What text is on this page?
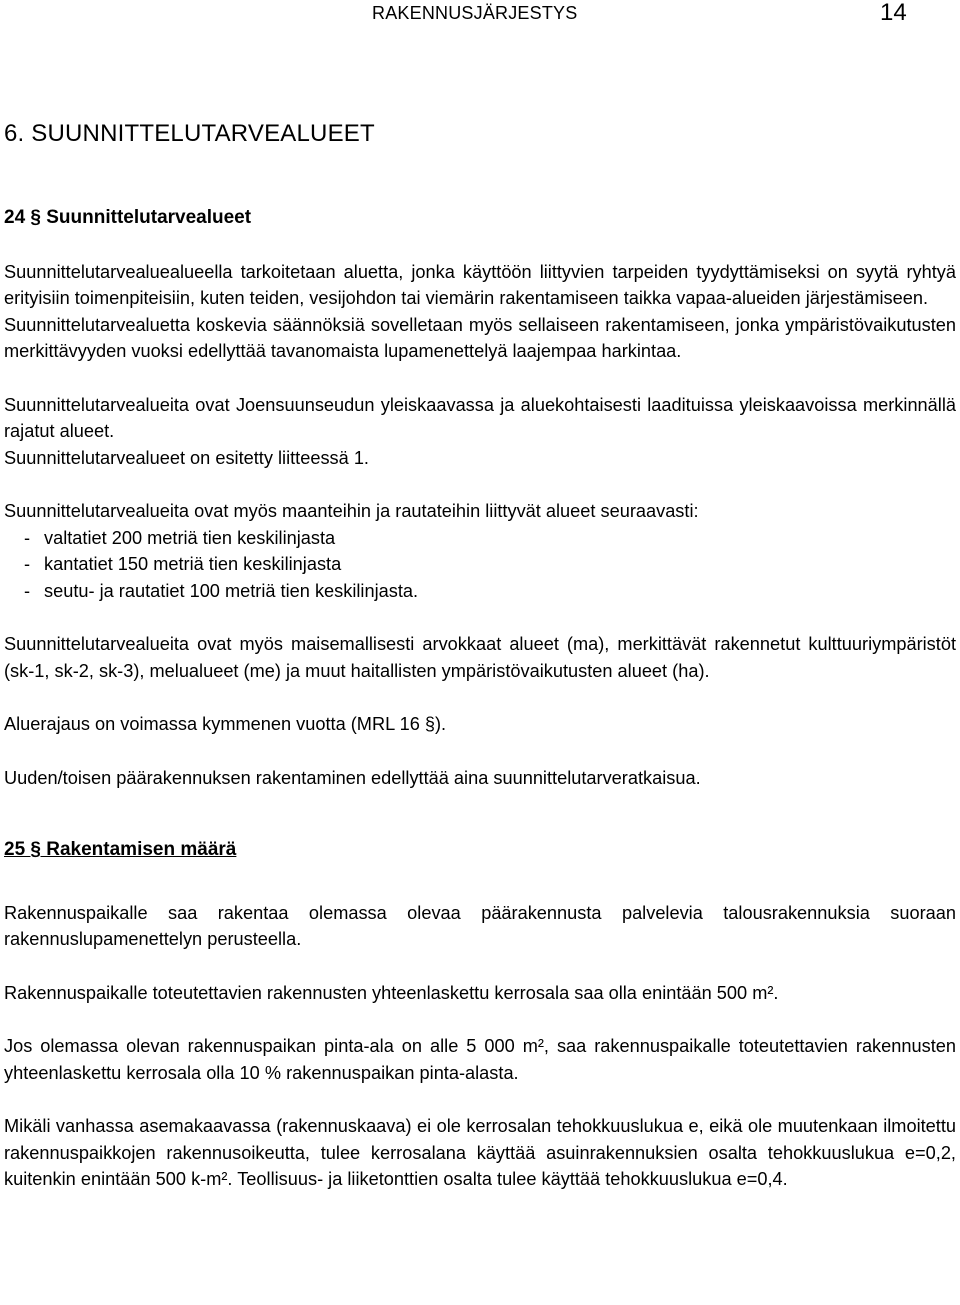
RAKENNUSJÄRJESTYS	14
6. SUUNNITTELUTARVEALUEET
24 § Suunnittelutarvealueet

Suunnittelutarvealuealueella tarkoitetaan aluetta, jonka käyttöön liittyvien tarpeiden tyydyttämiseksi on syytä ryhtyä erityisiin toimenpiteisiin, kuten teiden, vesijohdon tai viemärin rakentamiseen taikka vapaa-alueiden järjestämiseen.

Suunnittelutarvealuetta koskevia säännöksiä sovelletaan myös sellaiseen rakentamiseen, jonka ympäristövaikutusten merkittävyyden vuoksi edellyttää tavanomaista lupamenettelyä laajempaa harkintaa.

Suunnittelutarvealueita ovat Joensuunseudun yleiskaavassa ja aluekohtaisesti laadituissa yleiskaavoissa merkinnällä rajatut alueet.

Suunnittelutarvealueet on esitetty liitteessä 1.

Suunnittelutarvealueita ovat myös maanteihin ja rautateihin liittyvät alueet seuraavasti:

- valtatiet 200 metriä tien keskilinjasta
- kantatiet 150 metriä tien keskilinjasta
- seutu- ja rautatiet 100 metriä tien keskilinjasta.

Suunnittelutarvealueita ovat myös maisemallisesti arvokkaat alueet (ma), merkittävät rakennetut kulttuuriympäristöt (sk-1, sk-2, sk-3), melualueet (me) ja muut haitallisten ympäristövaikutusten alueet (ha).

Aluerajaus on voimassa kymmenen vuotta (MRL 16 §).

Uuden/toisen päärakennuksen rakentaminen edellyttää aina suunnittelutarveratkaisua.

25 § Rakentamisen määrä

Rakennuspaikalle saa rakentaa olemassa olevaa päärakennusta palvelevia talousrakennuksia suoraan rakennuslupamenettelyn perusteella.

Rakennuspaikalle toteutettavien rakennusten yhteenlaskettu kerrosala saa olla enintään 500 m².

Jos olemassa olevan rakennuspaikan pinta-ala on alle 5 000 m², saa rakennuspaikalle toteutettavien rakennusten yhteenlaskettu kerrosala olla 10 % rakennuspaikan pinta-alasta.

Mikäli vanhassa asemakaavassa (rakennuskaava) ei ole kerrosalan tehokkuuslukua e, eikä ole muutenkaan ilmoitettu rakennuspaikkojen rakennusoikeutta, tulee kerrosalana käyttää asuinrakennuksien osalta tehokkuuslukua e=0,2, kuitenkin enintään 500 k-m². Teollisuus- ja liiketonttien osalta tulee käyttää tehokkuuslukua e=0,4.
